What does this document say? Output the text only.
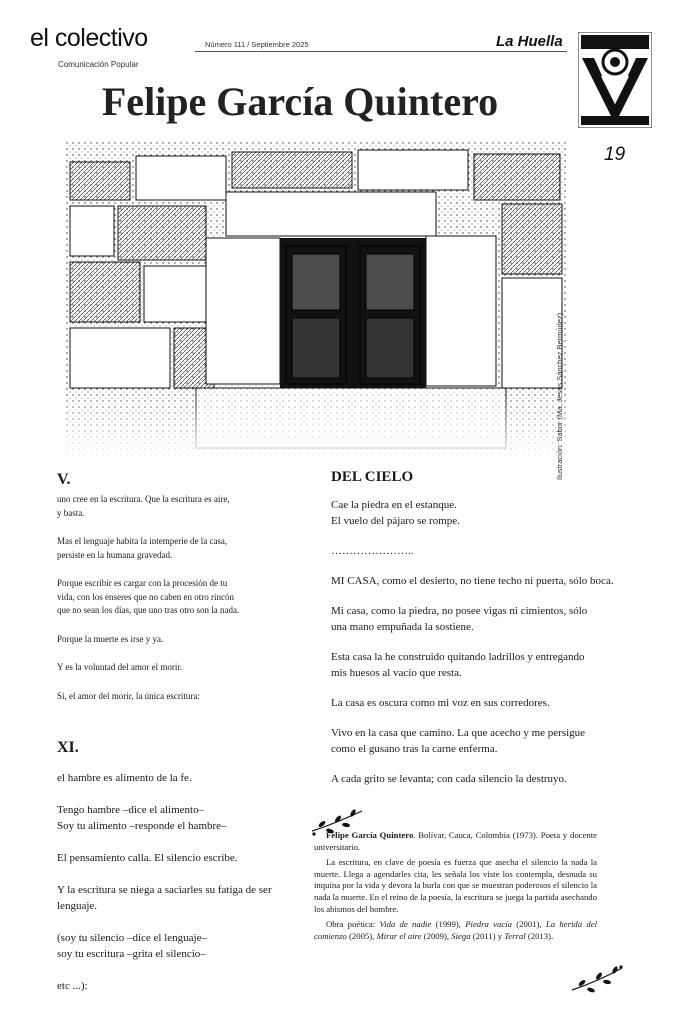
el colectivo
Comunicación Popular
Número 111 / Septiembre 2025	La Huella
Felipe García Quintero
19
Ilustración: Sabor (Ma. Jesús Sánchez Bermúdez)
V.

uno cree en la escritura. Que la escritura es aire,
y basta.

Mas el lenguaje habita la intemperie de la casa,
persiste en la humana gravedad.

Porque escribir es cargar con la procesión de tu
vida, con los enseres que no caben en otro rincón
que no sean los días, que uno tras otro son la nada.

Porque la muerte es irse y ya.

Y es la voluntad del amor el morir.

Si, el amor del morir, la única escritura:

XI.

el hambre es alimento de la fe.

Tengo hambre –dice el alimento–
Soy tu alimento –responde el hambre–

El pensamiento calla. El silencio escribe.

Y la escritura se niega a saciarles su fatiga de ser
lenguaje.

(soy tu silencio –dice el lenguaje–
soy tu escritura –grita el silencio–

etc ...):

DEL CIELO

Cae la piedra en el estanque.
El vuelo del pájaro se rompe.

…………………..

MI CASA, como el desierto, no tiene techo ni puerta, sólo boca.

Mi casa, como la piedra, no posee vigas ni cimientos, sólo
una mano empuñada la sostiene.

Esta casa la he construido quitando ladrillos y entregando
mis huesos al vacío que resta.

La casa es oscura como mi voz en sus corredores.

Vivo en la casa que camino. La que acecho y me persigue
como el gusano tras la carne enferma.

A cada grito se levanta; con cada silencio la destruyo.

Felipe García Quintero. Bolívar, Cauca, Colombia (1973). Poeta y docente universitario.

La escritura, en clave de poesía es fuerza que asecha el silencio la nada la muerte. Llega a agendarles cita, les señala los viste los contempla, desnuda su inquina por la vida y devora la burla con que se muestran poderosos el silencio la nada la muerte. En el reino de la poesía, la escritura se juega la partida asechando los abismos del hombre.

Obra poética: Vida de nadie (1999), Piedra vacía (2001), La herida del comienzo (2005), Mirar el aire (2009), Siega (2011) y Terral (2013).
